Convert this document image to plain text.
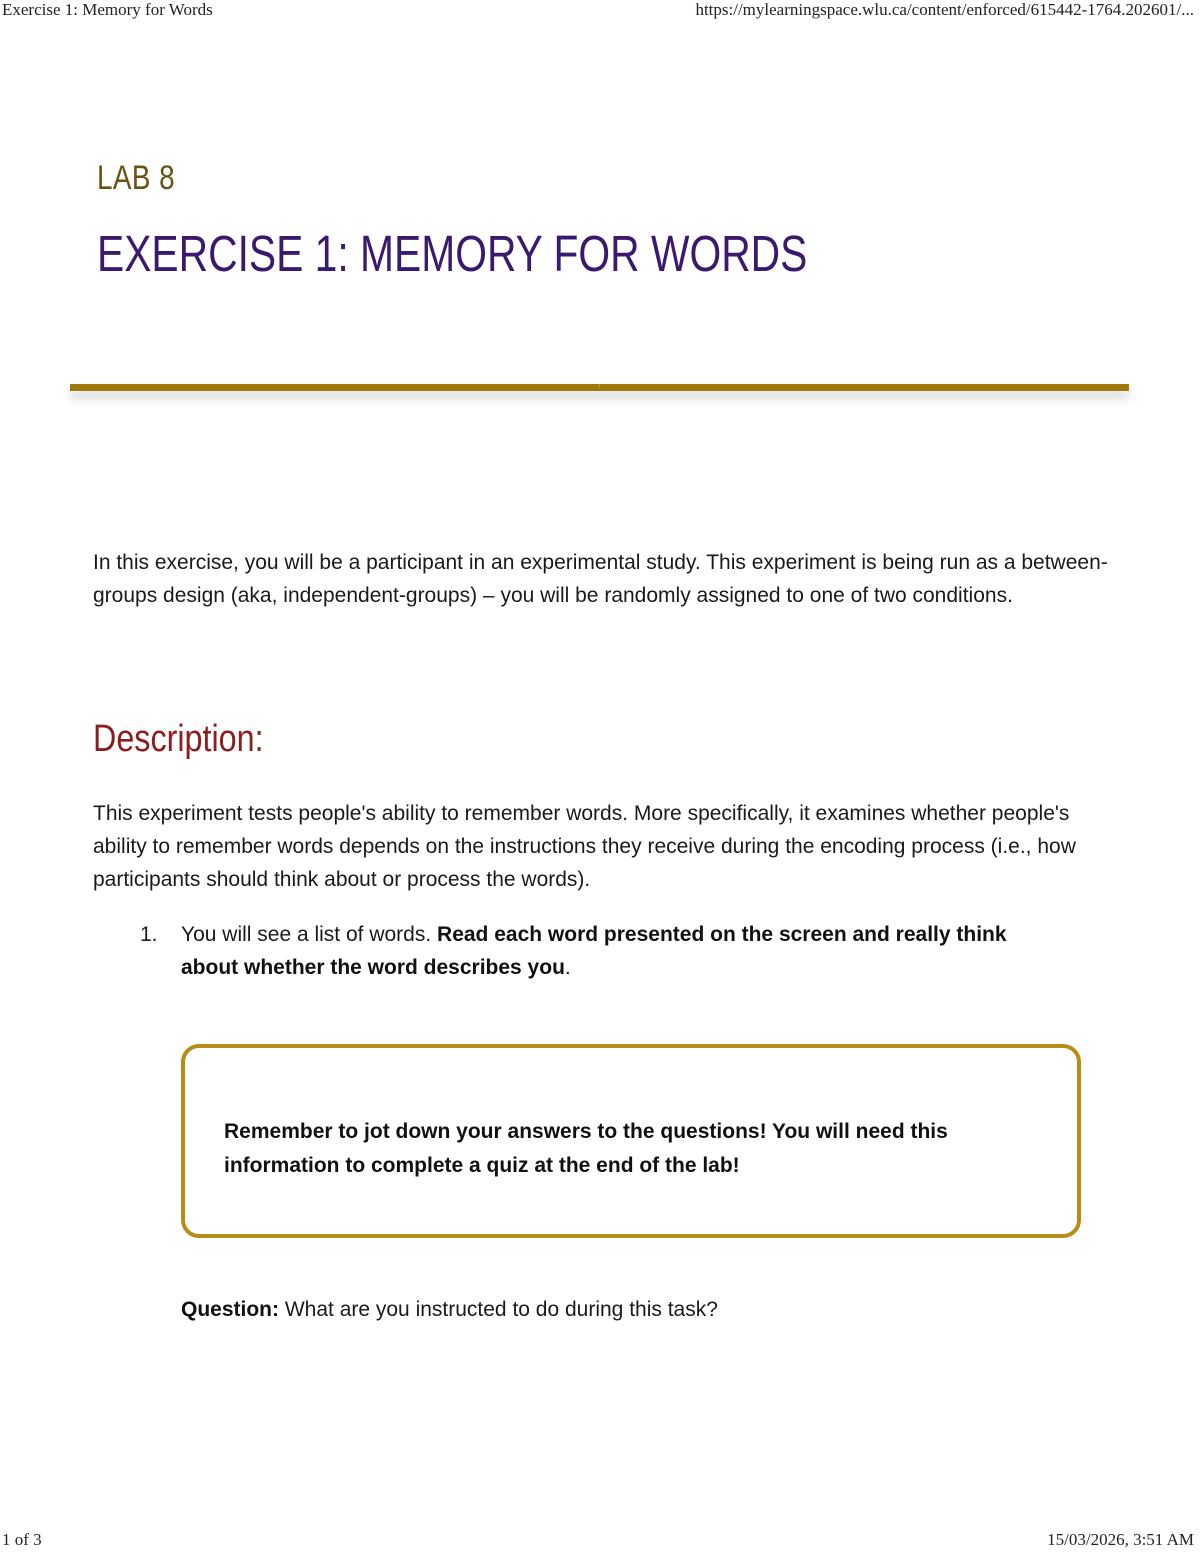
Exercise 1: Memory for Words	https://mylearningspace.wlu.ca/content/enforced/615442-1764.202601/...
LAB 8
EXERCISE 1: MEMORY FOR WORDS
In this exercise, you will be a participant in an experimental study. This experiment is being run as a between-groups design (aka, independent-groups) – you will be randomly assigned to one of two conditions.
Description:
This experiment tests people's ability to remember words. More specifically, it examines whether people's ability to remember words depends on the instructions they receive during the encoding process (i.e., how participants should think about or process the words).
1. You will see a list of words. Read each word presented on the screen and really think about whether the word describes you.
Remember to jot down your answers to the questions! You will need this information to complete a quiz at the end of the lab!
Question: What are you instructed to do during this task?
1 of 3	15/03/2026, 3:51 AM
